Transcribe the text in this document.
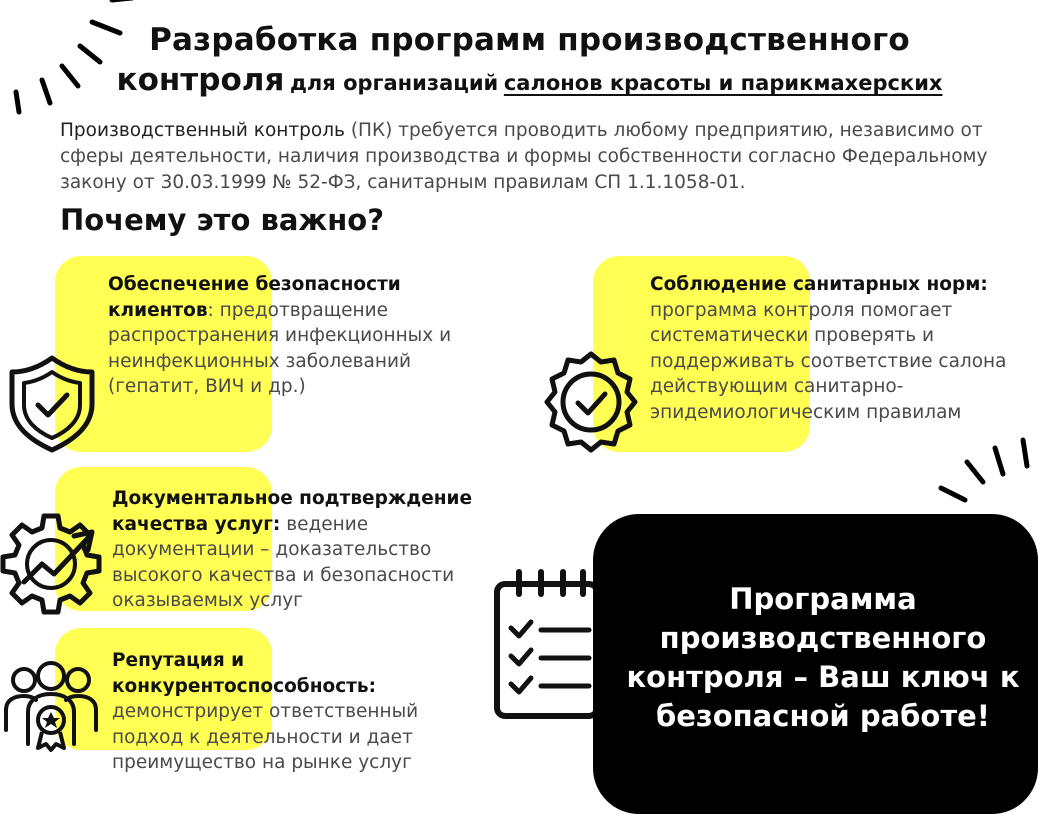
Разработка программ производственного
контроля для организаций салонов красоты и парикмахерских
Производственный контроль (ПК) требуется проводить любому предприятию, независимо от сферы деятельности, наличия производства и формы собственности согласно Федеральному закону от 30.03.1999 № 52-ФЗ, санитарным правилам СП 1.1.1058-01.
Почему это важно?
Обеспечение безопасности клиентов: предотвращение распространения инфекционных и неинфекционных заболеваний (гепатит, ВИЧ и др.)
Соблюдение санитарных норм: программа контроля помогает систематически проверять и поддерживать соответствие салона действующим санитарно-эпидемиологическим правилам
Документальное подтверждение качества услуг: ведение документации – доказательство высокого качества и безопасности оказываемых услуг
Репутация и конкурентоспособность: демонстрирует ответственный подход к деятельности и дает преимущество на рынке услуг
Программа производственного контроля – Ваш ключ к безопасной работе!
